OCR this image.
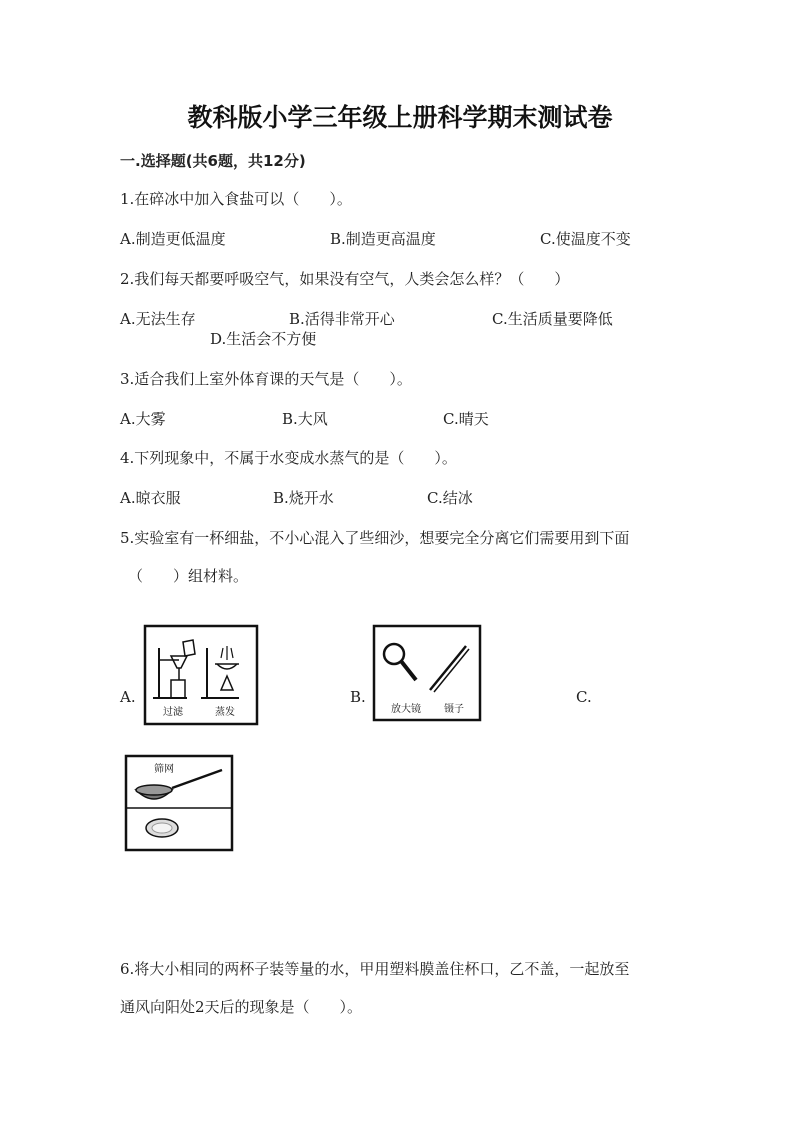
教科版小学三年级上册科学期末测试卷
一.选择题(共6题，共12分)
1.在碎冰中加入食盐可以（　　）。
A.制造更低温度	B.制造更高温度	C.使温度不变
2.我们每天都要呼吸空气，如果没有空气，人类会怎么样？（　　）
A.无法生存	B.活得非常开心	C.生活质量要降低
D.生活会不方便
3.适合我们上室外体育课的天气是（　　）。
A.大雾	B.大风	C.晴天
4.下列现象中，不属于水变成水蒸气的是（　　）。
A.晾衣服	B.烧开水	C.结冰
5.实验室有一杯细盐，不小心混入了些细沙，想要完全分离它们需要用到下面
（　　）组材料。
A.	B.	C.
过滤	蒸发	放大镜 镊子
筛网
6.将大小相同的两杯子装等量的水，甲用塑料膜盖住杯口，乙不盖，一起放至
通风向阳处2天后的现象是（　　）。
